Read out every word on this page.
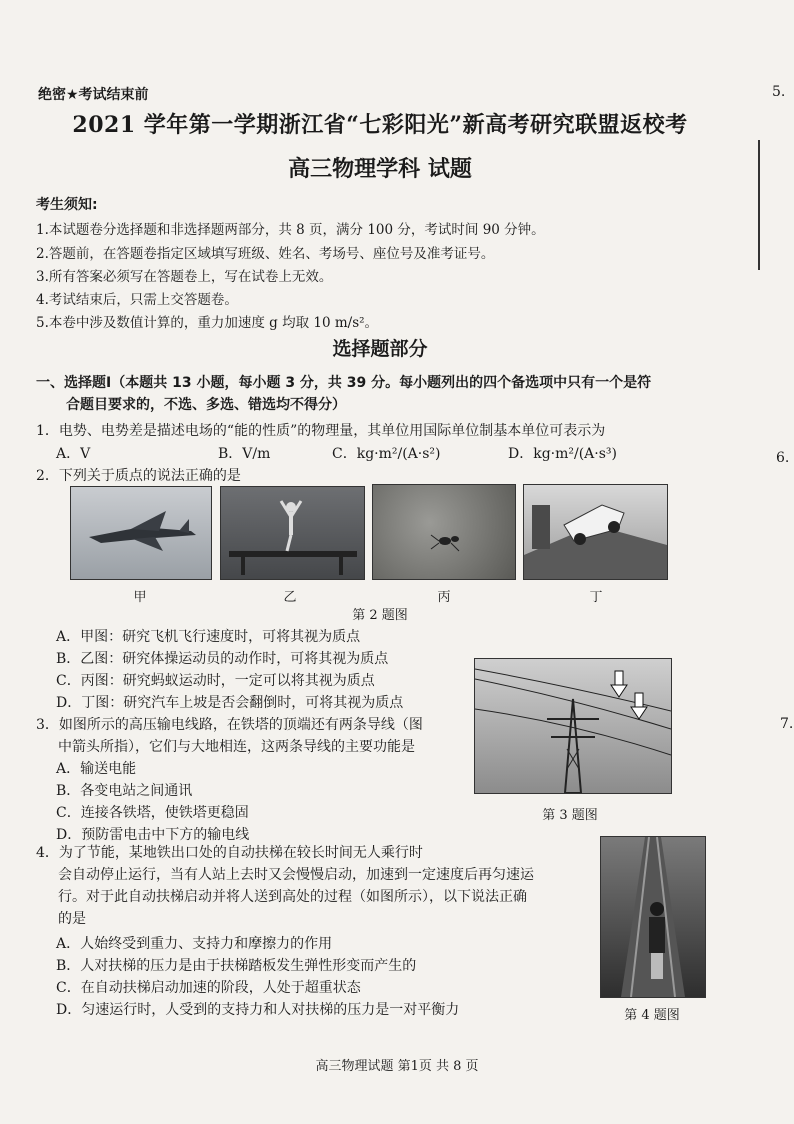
5.
6.
7.
绝密★考试结束前
2021 学年第一学期浙江省“七彩阳光”新高考研究联盟返校考
高三物理学科 试题
考生须知:
1.本试题卷分选择题和非选择题两部分，共 8 页，满分 100 分，考试时间 90 分钟。
2.答题前，在答题卷指定区域填写班级、姓名、考场号、座位号及准考证号。
3.所有答案必须写在答题卷上，写在试卷上无效。
4.考试结束后，只需上交答题卷。
5.本卷中涉及数值计算的，重力加速度 g 均取 10 m/s²。
选择题部分
一、选择题Ⅰ（本题共 13 小题，每小题 3 分，共 39 分。每小题列出的四个备选项中只有一个是符
合题目要求的，不选、多选、错选均不得分）
1．电势、电势差是描述电场的“能的性质”的物理量，其单位用国际单位制基本单位可表示为
A．V	B．V/m	C．kg·m²/(A·s²)	D．kg·m²/(A·s³)
2．下列关于质点的说法正确的是
甲	乙	丙	丁
第 2 题图
A．甲图：研究飞机飞行速度时，可将其视为质点
B．乙图：研究体操运动员的动作时，可将其视为质点
C．丙图：研究蚂蚁运动时，一定可以将其视为质点
D．丁图：研究汽车上坡是否会翻倒时，可将其视为质点
3．如图所示的高压输电线路，在铁塔的顶端还有两条导线（图
中箭头所指），它们与大地相连，这两条导线的主要功能是
A．输送电能
B．各变电站之间通讯
C．连接各铁塔，使铁塔更稳固
D．预防雷电击中下方的输电线
第 3 题图
4．为了节能，某地铁出口处的自动扶梯在较长时间无人乘行时
会自动停止运行，当有人站上去时又会慢慢启动，加速到一定速度后再匀速运
行。对于此自动扶梯启动并将人送到高处的过程（如图所示），以下说法正确
的是
A．人始终受到重力、支持力和摩擦力的作用
B．人对扶梯的压力是由于扶梯踏板发生弹性形变而产生的
C．在自动扶梯启动加速的阶段，人处于超重状态
D．匀速运行时，人受到的支持力和人对扶梯的压力是一对平衡力	第 4 题图
高三物理试题 第1页 共 8 页
